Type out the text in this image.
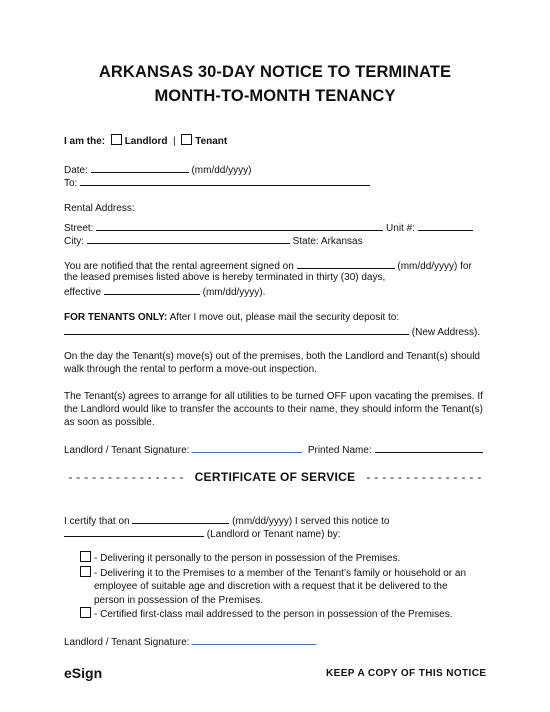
ARKANSAS 30-DAY NOTICE TO TERMINATE
MONTH-TO-MONTH TENANCY
I am the: Landlord | Tenant
Date:	(mm/dd/yyyy)
To:
Rental Address:
Street:	Unit #:
City:	State: Arkansas
You are notified that the rental agreement signed on	(mm/dd/yyyy) for
the leased premises listed above is hereby terminated in thirty (30) days,
effective	(mm/dd/yyyy).
FOR TENANTS ONLY: After I move out, please mail the security deposit to:
(New Address).
On the day the Tenant(s) move(s) out of the premises, both the Landlord and Tenant(s) should
walk through the rental to perform a move-out inspection.
The Tenant(s) agrees to arrange for all utilities to be turned OFF upon vacating the premises. If
the Landlord would like to transfer the accounts to their name, they should inform the Tenant(s)
as soon as possible.
Landlord / Tenant Signature:	Printed Name:
- - - - - - - - - - - - - - - CERTIFICATE OF SERVICE - - - - - - - - - - - - - - -
I certify that on	(mm/dd/yyyy) I served this notice to
(Landlord or Tenant name) by:
- Delivering it personally to the person in possession of the Premises.
- Delivering it to the Premises to a member of the Tenant’s family or household or an
employee of suitable age and discretion with a request that it be delivered to the
person in possession of the Premises.
- Certified first-class mail addressed to the person in possession of the Premises.
Landlord / Tenant Signature:
eSign	KEEP A COPY OF THIS NOTICE
